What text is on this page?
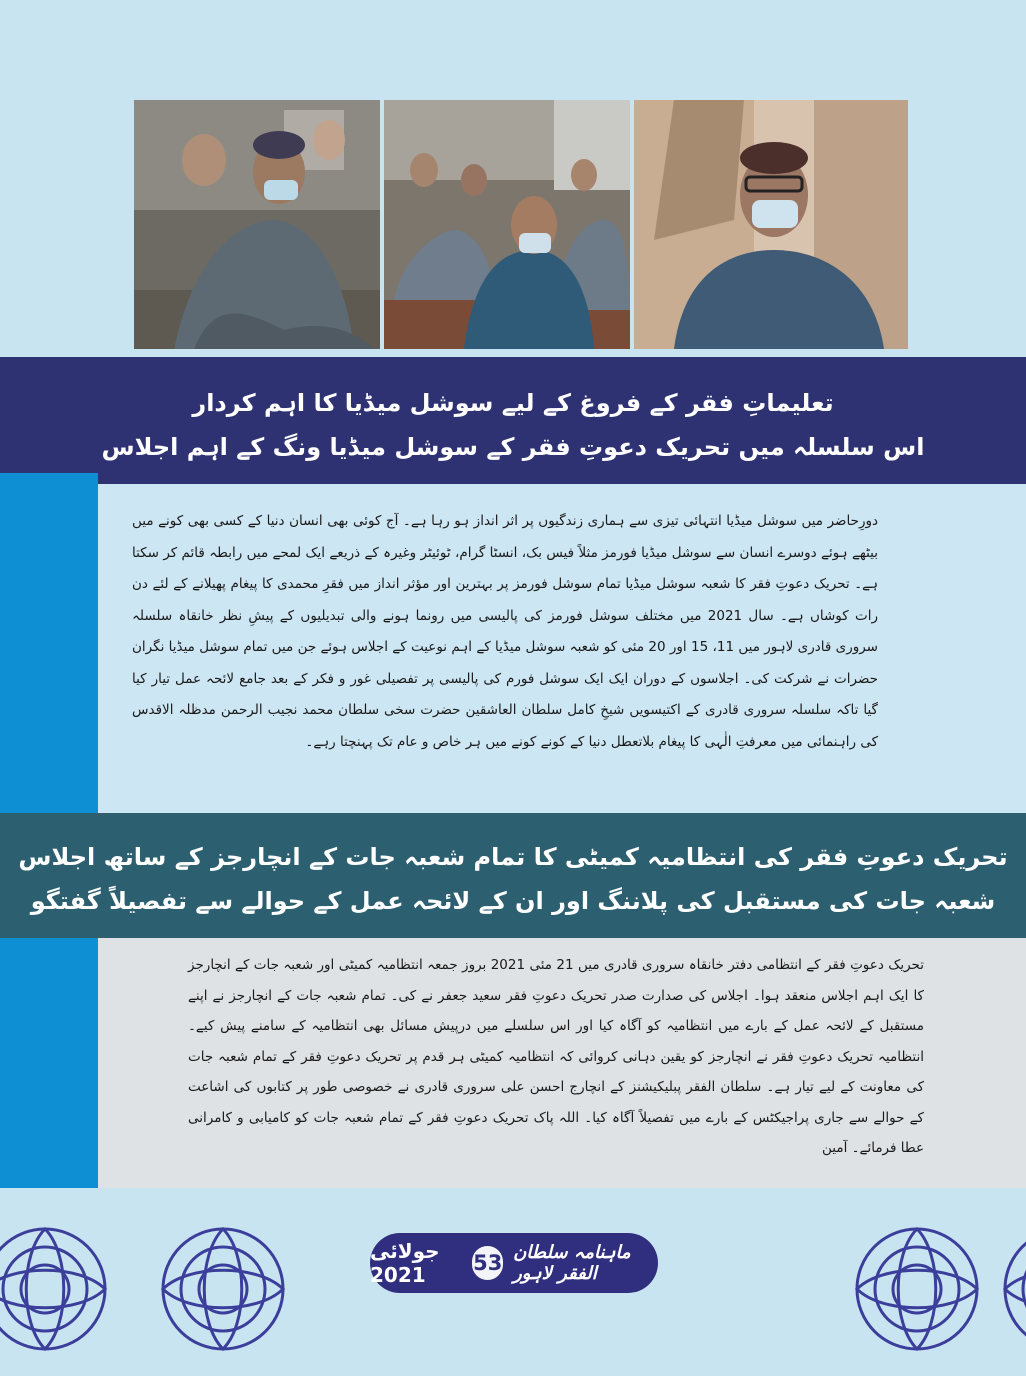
تعلیماتِ فقر کے فروغ کے لیے سوشل میڈیا کا اہم کردار
اس سلسلہ میں تحریک دعوتِ فقر کے سوشل میڈیا ونگ کے اہم اجلاس

دورِحاضر میں سوشل میڈیا انتہائی تیزی سے ہماری زندگیوں پر اثر انداز ہو رہا ہے۔ آج کوئی بھی انسان دنیا کے کسی بھی کونے میں بیٹھے ہوئے دوسرے انسان سے سوشل میڈیا فورمز مثلاً فیس بک، انسٹا گرام، ٹوئیٹر وغیرہ کے ذریعے ایک لمحے میں رابطہ قائم کر سکتا ہے۔ تحریک دعوتِ فقر کا شعبہ سوشل میڈیا تمام سوشل فورمز پر بہترین اور مؤثر انداز میں فقرِ محمدی کا پیغام پھیلانے کے لئے دن رات کوشاں ہے۔ سال 2021 میں مختلف سوشل فورمز کی پالیسی میں رونما ہونے والی تبدیلیوں کے پیشِ نظر خانقاہ سلسلہ سروری قادری لاہور میں 11، 15 اور 20 مئی کو شعبہ سوشل میڈیا کے اہم نوعیت کے اجلاس ہوئے جن میں تمام سوشل میڈیا نگران حضرات نے شرکت کی۔ اجلاسوں کے دوران ایک ایک سوشل فورم کی پالیسی پر تفصیلی غور و فکر کے بعد جامع لائحہ عمل تیار کیا گیا تاکہ سلسلہ سروری قادری کے اکتیسویں شیخِ کامل سلطان العاشقین حضرت سخی سلطان محمد نجیب الرحمن مدظلہ الاقدس کی راہنمائی میں معرفتِ الٰہی کا پیغام بلاتعطل دنیا کے کونے کونے میں ہر خاص و عام تک پہنچتا رہے۔

تحریک دعوتِ فقر کی انتظامیہ کمیٹی کا تمام شعبہ جات کے انچارجز کے ساتھ اجلاس
شعبہ جات کی مستقبل کی پلاننگ اور ان کے لائحہ عمل کے حوالے سے تفصیلاً گفتگو

تحریک دعوتِ فقر کے انتظامی دفتر خانقاہ سروری قادری میں 21 مئی 2021 بروز جمعہ انتظامیہ کمیٹی اور شعبہ جات کے انچارجز کا ایک اہم اجلاس منعقد ہوا۔ اجلاس کی صدارت صدر تحریک دعوتِ فقر سعید جعفر نے کی۔ تمام شعبہ جات کے انچارجز نے اپنے مستقبل کے لائحہ عمل کے بارے میں انتظامیہ کو آگاہ کیا اور اس سلسلے میں درپیش مسائل بھی انتظامیہ کے سامنے پیش کیے۔ انتظامیہ تحریک دعوتِ فقر نے انچارجز کو یقین دہانی کروائی کہ انتظامیہ کمیٹی ہر قدم پر تحریک دعوتِ فقر کے تمام شعبہ جات کی معاونت کے لیے تیار ہے۔ سلطان الفقر پبلیکیشنز کے انچارج احسن علی سروری قادری نے خصوصی طور پر کتابوں کی اشاعت کے حوالے سے جاری پراجیکٹس کے بارے میں تفصیلاً آگاہ کیا۔ اللہ پاک تحریک دعوتِ فقر کے تمام شعبہ جات کو کامیابی و کامرانی عطا فرمائے۔ آمین

جولائی 2021	53 ماہنامہ سلطان الفقر لاہور
